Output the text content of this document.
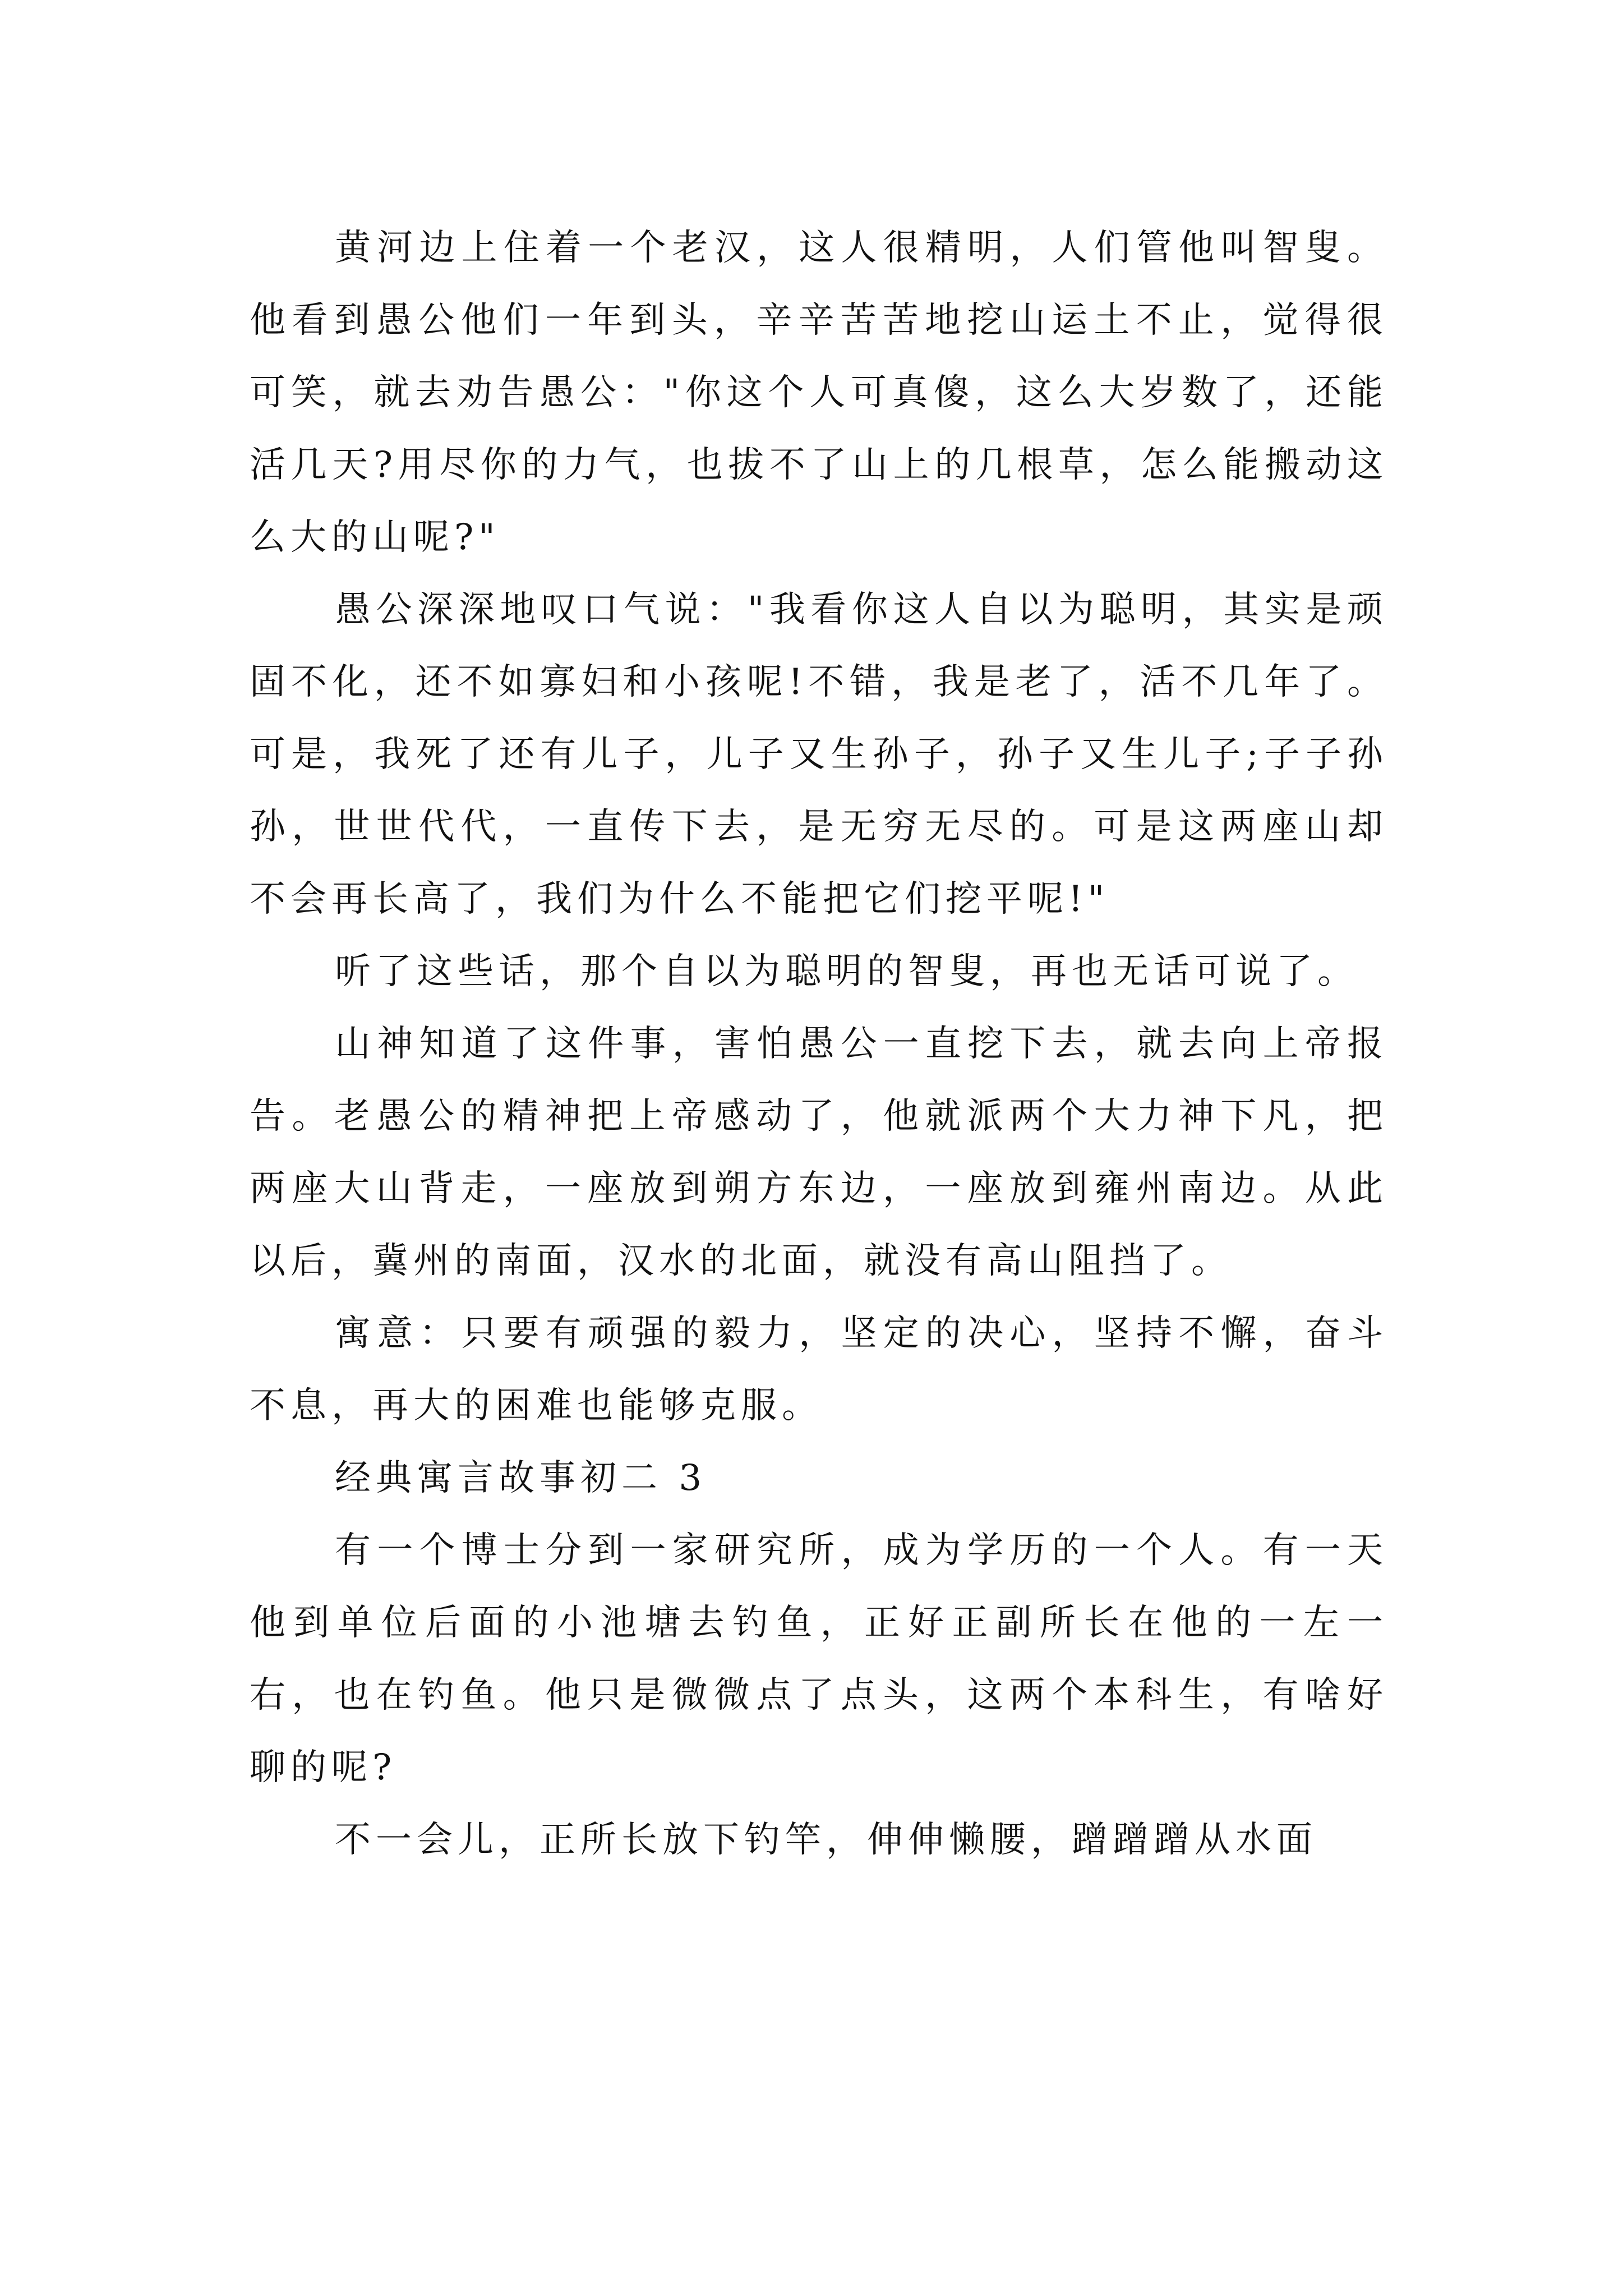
黄河边上住着一个老汉，这人很精明，人们管他叫智叟。他看到愚公他们一年到头，辛辛苦苦地挖山运土不止，觉得很可笑，就去劝告愚公："你这个人可真傻，这么大岁数了，还能活几天?用尽你的力气，也拔不了山上的几根草，怎么能搬动这么大的山呢?"

愚公深深地叹口气说："我看你这人自以为聪明，其实是顽固不化，还不如寡妇和小孩呢!不错，我是老了，活不几年了。可是，我死了还有儿子，儿子又生孙子，孙子又生儿子;子子孙孙，世世代代，一直传下去，是无穷无尽的。可是这两座山却不会再长高了，我们为什么不能把它们挖平呢!"

听了这些话，那个自以为聪明的智叟，再也无话可说了。

山神知道了这件事，害怕愚公一直挖下去，就去向上帝报告。老愚公的精神把上帝感动了，他就派两个大力神下凡，把两座大山背走，一座放到朔方东边，一座放到雍州南边。从此以后，冀州的南面，汉水的北面，就没有高山阻挡了。

寓意：只要有顽强的毅力，坚定的决心，坚持不懈，奋斗不息，再大的困难也能够克服。

经典寓言故事初二 3

有一个博士分到一家研究所，成为学历的一个人。有一天他到单位后面的小池塘去钓鱼，正好正副所长在他的一左一右，也在钓鱼。他只是微微点了点头，这两个本科生，有啥好聊的呢?

不一会儿，正所长放下钓竿，伸伸懒腰，蹭蹭蹭从水面
